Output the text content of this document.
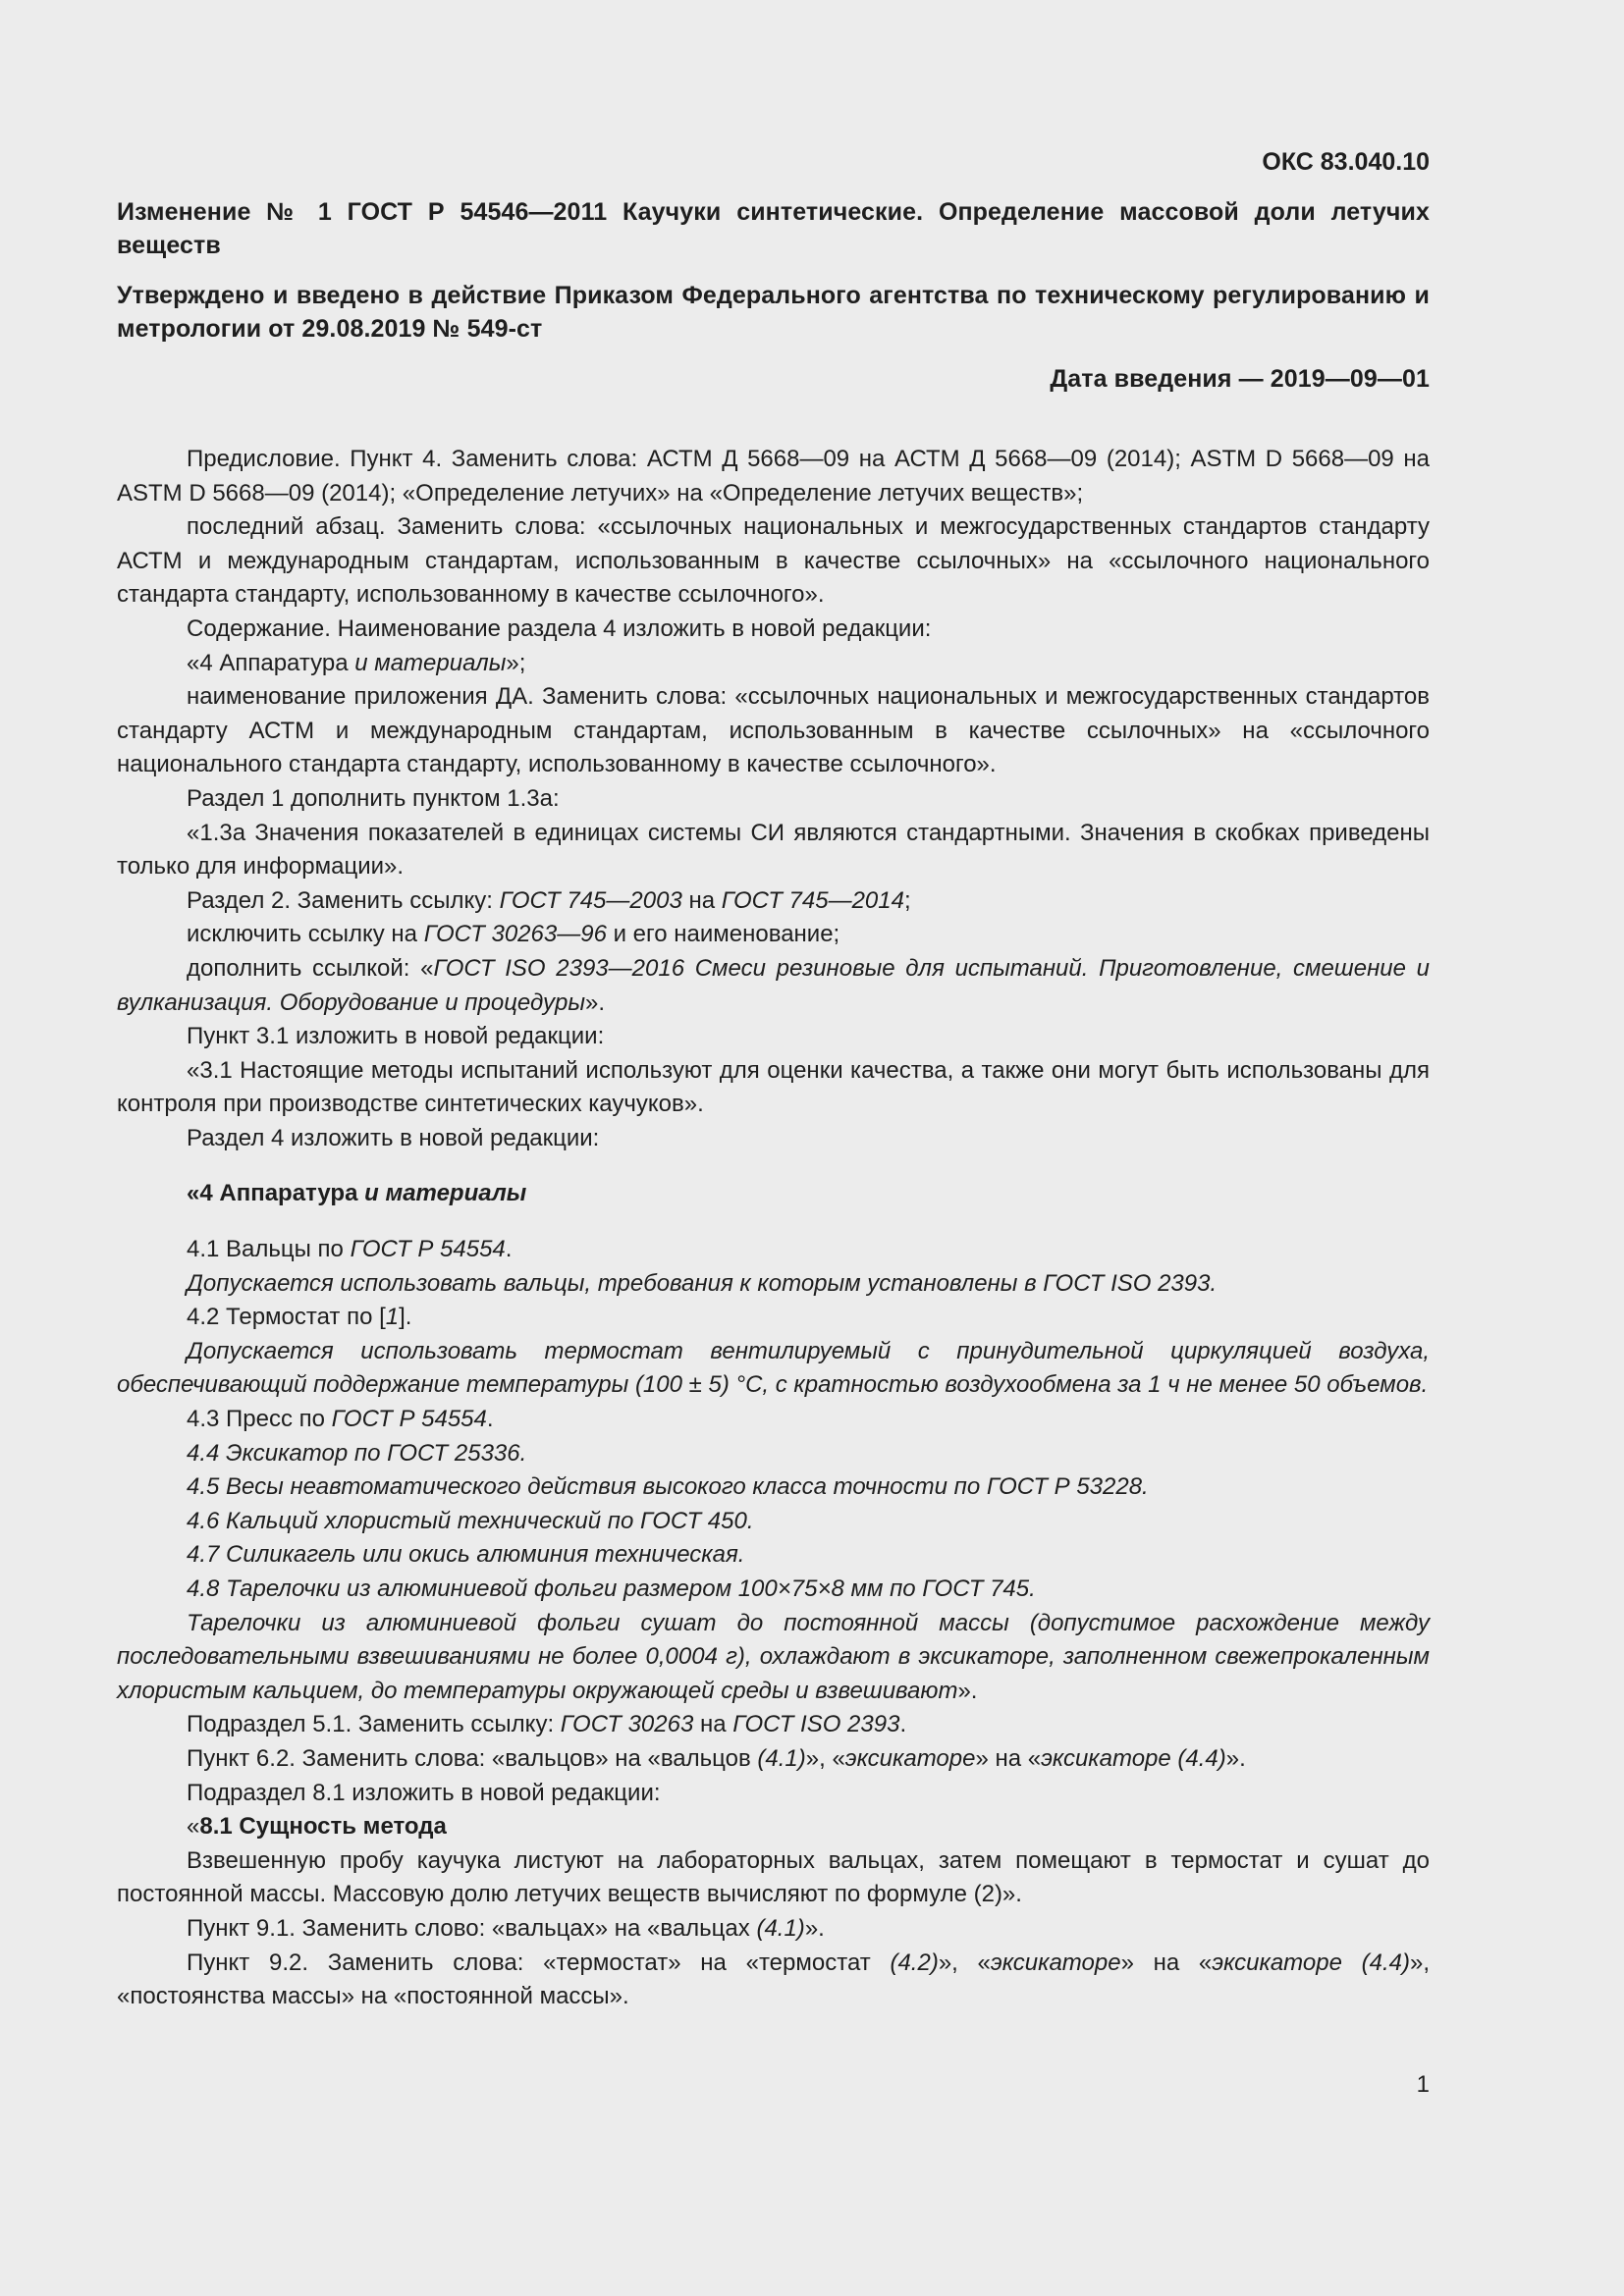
ОКС 83.040.10

Изменение № 1 ГОСТ Р 54546—2011 Каучуки синтетические. Определение массовой доли летучих веществ

Утверждено и введено в действие Приказом Федерального агентства по техническому регулированию и метрологии от 29.08.2019 № 549-ст

Дата введения — 2019—09—01

Предисловие. Пункт 4. Заменить слова: АСТМ Д 5668—09 на АСТМ Д 5668—09 (2014); ASTM D 5668—09 на ASTM D 5668—09 (2014); «Определение летучих» на «Определение летучих веществ»;

последний абзац. Заменить слова: «ссылочных национальных и межгосударственных стандартов стандарту АСТМ и международным стандартам, использованным в качестве ссылочных» на «ссылочного национального стандарта стандарту, использованному в качестве ссылочного».

Содержание. Наименование раздела 4 изложить в новой редакции:

«4 Аппаратура и материалы»;

наименование приложения ДА. Заменить слова: «ссылочных национальных и межгосударственных стандартов стандарту АСТМ и международным стандартам, использованным в качестве ссылочных» на «ссылочного национального стандарта стандарту, использованному в качестве ссылочного».

Раздел 1 дополнить пунктом 1.3а:

«1.3а Значения показателей в единицах системы СИ являются стандартными. Значения в скобках приведены только для информации».

Раздел 2. Заменить ссылку: ГОСТ 745—2003 на ГОСТ 745—2014;

исключить ссылку на ГОСТ 30263—96 и его наименование;

дополнить ссылкой: «ГОСТ ISO 2393—2016 Смеси резиновые для испытаний. Приготовление, смешение и вулканизация. Оборудование и процедуры».

Пункт 3.1 изложить в новой редакции:

«3.1 Настоящие методы испытаний используют для оценки качества, а также они могут быть использованы для контроля при производстве синтетических каучуков».

Раздел 4 изложить в новой редакции:

«4 Аппаратура и материалы

4.1 Вальцы по ГОСТ Р 54554.

Допускается использовать вальцы, требования к которым установлены в ГОСТ ISO 2393.

4.2 Термостат по [1].

Допускается использовать термостат вентилируемый с принудительной циркуляцией воздуха, обеспечивающий поддержание температуры (100 ± 5) °С, с кратностью воздухообмена за 1 ч не менее 50 объемов.

4.3 Пресс по ГОСТ Р 54554.

4.4 Эксикатор по ГОСТ 25336.

4.5 Весы неавтоматического действия высокого класса точности по ГОСТ Р 53228.

4.6 Кальций хлористый технический по ГОСТ 450.

4.7 Силикагель или окись алюминия техническая.

4.8 Тарелочки из алюминиевой фольги размером 100×75×8 мм по ГОСТ 745.

Тарелочки из алюминиевой фольги сушат до постоянной массы (допустимое расхождение между последовательными взвешиваниями не более 0,0004 г), охлаждают в эксикаторе, заполненном свежепрокаленным хлористым кальцием, до температуры окружающей среды и взвешивают».

Подраздел 5.1. Заменить ссылку: ГОСТ 30263 на ГОСТ ISO 2393.

Пункт 6.2. Заменить слова: «вальцов» на «вальцов (4.1)», «эксикаторе» на «эксикаторе (4.4)».

Подраздел 8.1 изложить в новой редакции:

«8.1 Сущность метода

Взвешенную пробу каучука листуют на лабораторных вальцах, затем помещают в термостат и сушат до постоянной массы. Массовую долю летучих веществ вычисляют по формуле (2)».

Пункт 9.1. Заменить слово: «вальцах» на «вальцах (4.1)».

Пункт 9.2. Заменить слова: «термостат» на «термостат (4.2)», «эксикаторе» на «эксикаторе (4.4)», «постоянства массы» на «постоянной массы».

1
